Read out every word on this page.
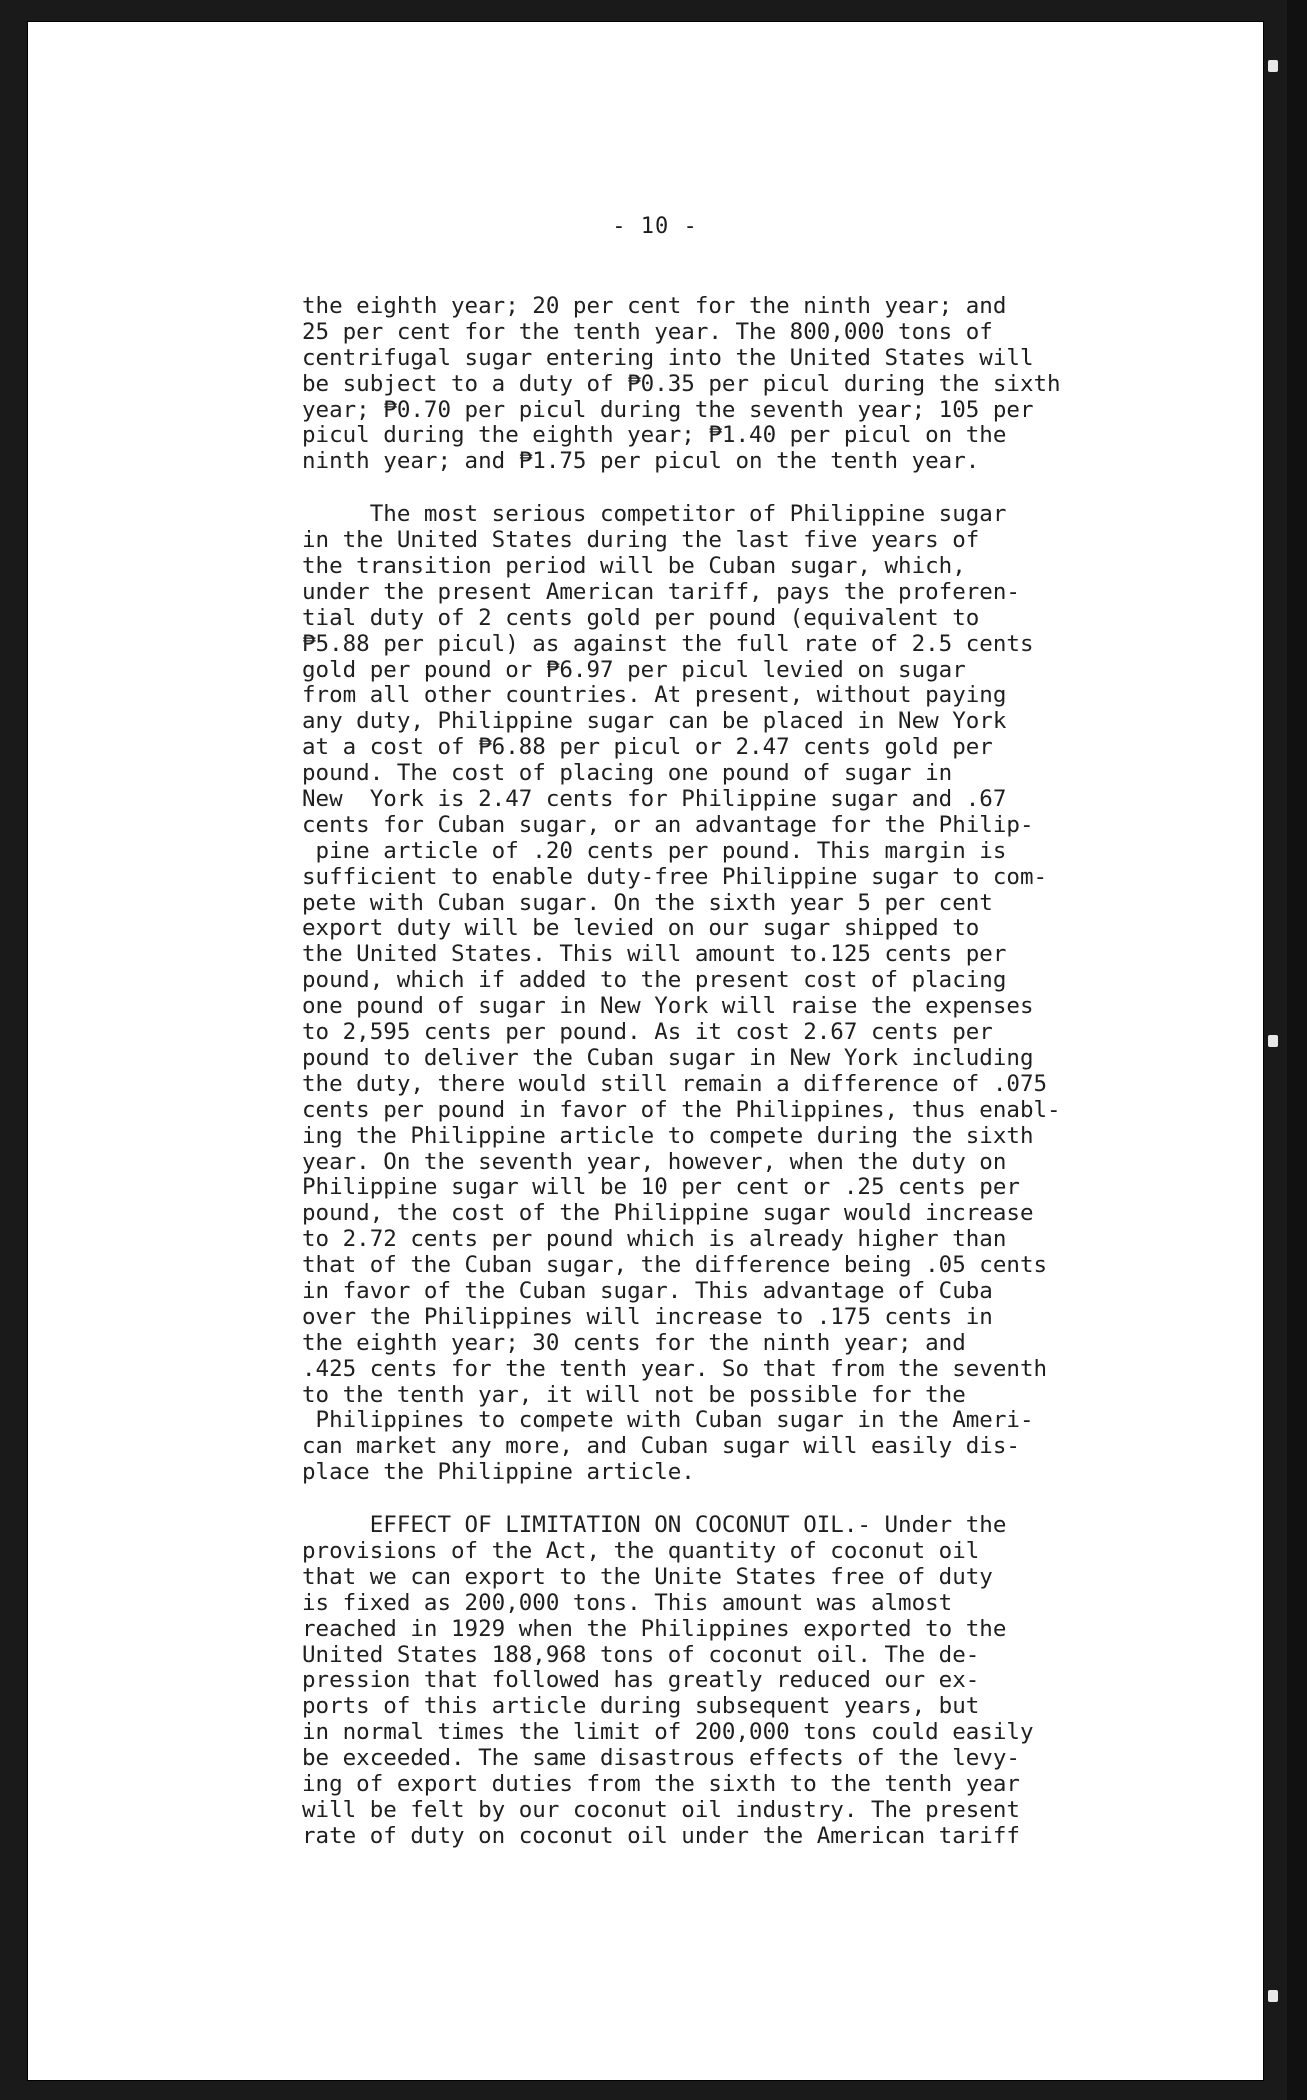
- 10 -
the eighth year; 20 per cent for the ninth year; and
25 per cent for the tenth year. The 800,000 tons of
centrifugal sugar entering into the United States will
be subject to a duty of ₱0.35 per picul during the sixth
year; ₱0.70 per picul during the seventh year; 105 per
picul during the eighth year; ₱1.40 per picul on the
ninth year; and ₱1.75 per picul on the tenth year.
The most serious competitor of Philippine sugar
in the United States during the last five years of
the transition period will be Cuban sugar, which,
under the present American tariff, pays the proferen-
tial duty of 2 cents gold per pound (equivalent to
₱5.88 per picul) as against the full rate of 2.5 cents
gold per pound or ₱6.97 per picul levied on sugar
from all other countries. At present, without paying
any duty, Philippine sugar can be placed in New York
at a cost of ₱6.88 per picul or 2.47 cents gold per
pound. The cost of placing one pound of sugar in
New  York is 2.47 cents for Philippine sugar and .67
cents for Cuban sugar, or an advantage for the Philip-
pine article of .20 cents per pound. This margin is
sufficient to enable duty-free Philippine sugar to com-
pete with Cuban sugar. On the sixth year 5 per cent
export duty will be levied on our sugar shipped to
the United States. This will amount to.125 cents per
pound, which if added to the present cost of placing
one pound of sugar in New York will raise the expenses
to 2,595 cents per pound. As it cost 2.67 cents per
pound to deliver the Cuban sugar in New York including
the duty, there would still remain a difference of .075
cents per pound in favor of the Philippines, thus enabl-
ing the Philippine article to compete during the sixth
year. On the seventh year, however, when the duty on
Philippine sugar will be 10 per cent or .25 cents per
pound, the cost of the Philippine sugar would increase
to 2.72 cents per pound which is already higher than
that of the Cuban sugar, the difference being .05 cents
in favor of the Cuban sugar. This advantage of Cuba
over the Philippines will increase to .175 cents in
the eighth year; 30 cents for the ninth year; and
.425 cents for the tenth year. So that from the seventh
to the tenth yar, it will not be possible for the
Philippines to compete with Cuban sugar in the Ameri-
can market any more, and Cuban sugar will easily dis-
place the Philippine article.
EFFECT OF LIMITATION ON COCONUT OIL.- Under the
provisions of the Act, the quantity of coconut oil
that we can export to the Unite States free of duty
is fixed as 200,000 tons. This amount was almost
reached in 1929 when the Philippines exported to the
United States 188,968 tons of coconut oil. The de-
pression that followed has greatly reduced our ex-
ports of this article during subsequent years, but
in normal times the limit of 200,000 tons could easily
be exceeded. The same disastrous effects of the levy-
ing of export duties from the sixth to the tenth year
will be felt by our coconut oil industry. The present
rate of duty on coconut oil under the American tariff
